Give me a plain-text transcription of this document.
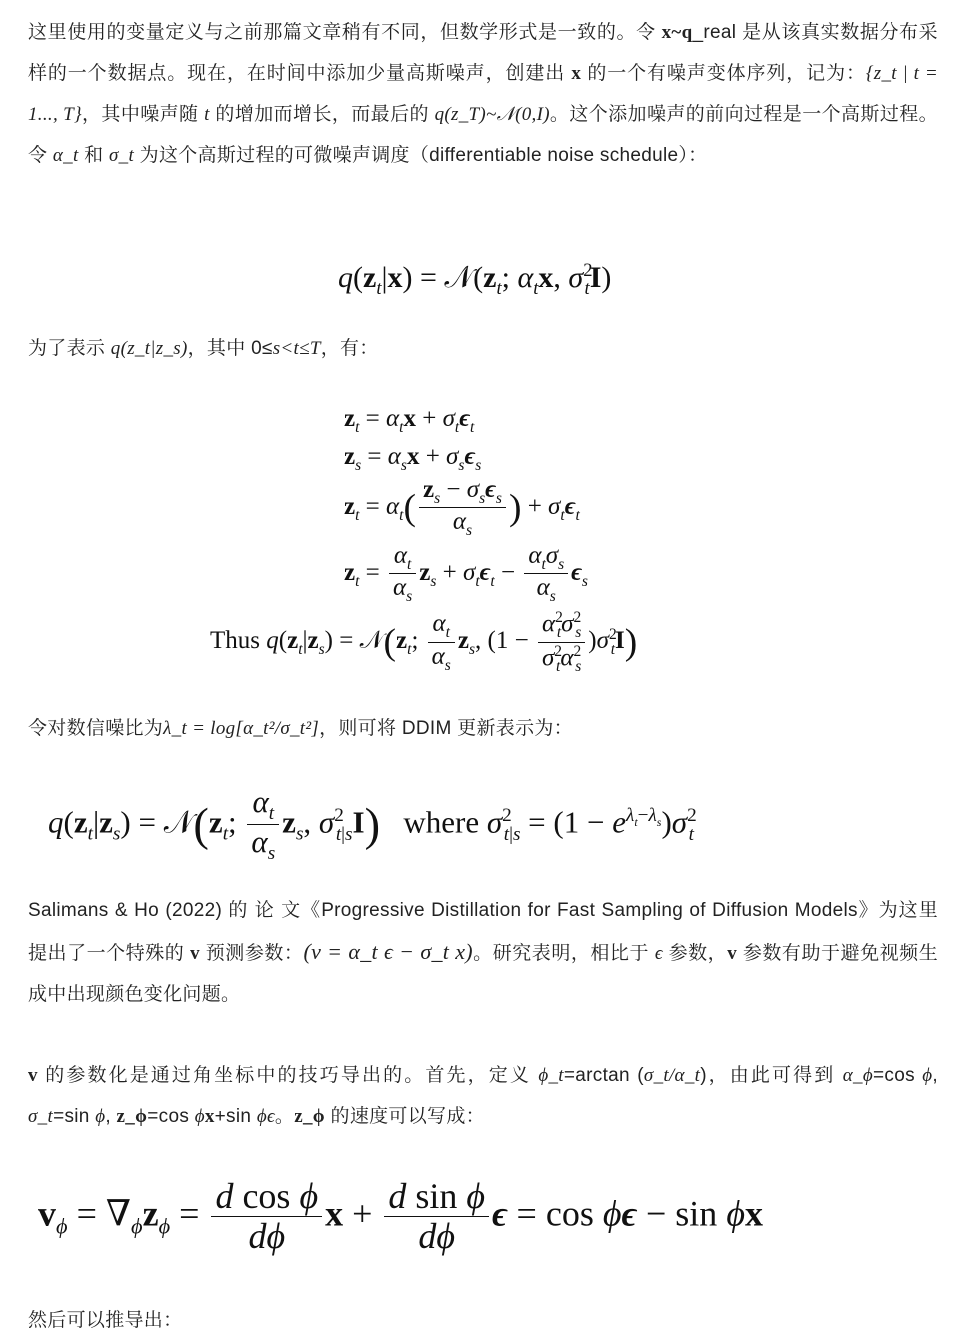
这里使用的变量定义与之前那篇文章稍有不同，但数学形式是一致的。令 x~q_real 是从该真实数据分布采样的一个数据点。现在，在时间中添加少量高斯噪声，创建出 x 的一个有噪声变体序列，记为：{z_t | t = 1..., T}，其中噪声随 t 的增加而增长，而最后的 q(z_T)~𝒩(0,I)。这个添加噪声的前向过程是一个高斯过程。令 α_t 和 σ_t 为这个高斯过程的可微噪声调度（differentiable noise schedule）：
$q(z_t|x)$ = $𝒩(z_t$; $\alpha_tx$, $\sigma^2_tI$)
为了表示 q(z_t|z_s)，其中 0≤s<t≤T，有：
$z_t = \alpha_tx + \sigma_t\epsilon_t$
$z_s = \alpha_sx + \sigma_s\epsilon_s$
$z_t = \alpha_t( \frac{z_s - \sigma_s\epsilon_s}{\alpha_s}$ ) + $\sigma_t\epsilon_t$
$z_t = \frac{\alpha_t}{\alpha_s} z_s + \sigma_t\epsilon_t - \frac{\alpha_t\sigma_s}{\alpha_s} \epsilon_s$
Thus $q(z_t|z_s)$ = $𝒩(z_t$; $\frac{\alpha_t}{\alpha_s} z_s$, $(1 - \frac{\alpha^2_t\sigma^2_s}{\sigma^2_t\alpha^2_s} )\sigma^2_tI$)
令对数信噪比为λ_t = log[α_t²/σ_t²]，则可将 DDIM 更新表示为：
$q(z_t|z_s)$ = $𝒩(z_t$; $\frac{\alpha_t}{\alpha_s} z_s$, $\sigma^2_{t|s}I$) where $\sigma^2_{t|s} = (1 - e^{\lambda_t-\lambda_s})\sigma^2_t$
Salimans & Ho (2022) 的 论 文《Progressive Distillation for Fast Sampling of Diffusion Models》为这里提出了一个特殊的 v 预测参数：(v = α_t ϵ − σ_t x)。研究表明，相比于 ϵ 参数，v 参数有助于避免视频生成中出现颜色变化问题。
v 的参数化是通过角坐标中的技巧导出的。首先，定义 ϕ_t=arctan (σ_t/α_t)，由此可得到 α_ϕ=cos ϕ, σ_t=sin ϕ, z_ϕ=cos ϕx+sin ϕϵ。z_ϕ 的速度可以写成：
$v_\phi = \nabla_\phi z_\phi = \frac{\text{d cos ϕ}}{d\phi}$ $x + \frac{\text{d sin ϕ}}{d\phi}$ ϵ = cos ϕϵ − sin ϕx
然后可以推导出：
